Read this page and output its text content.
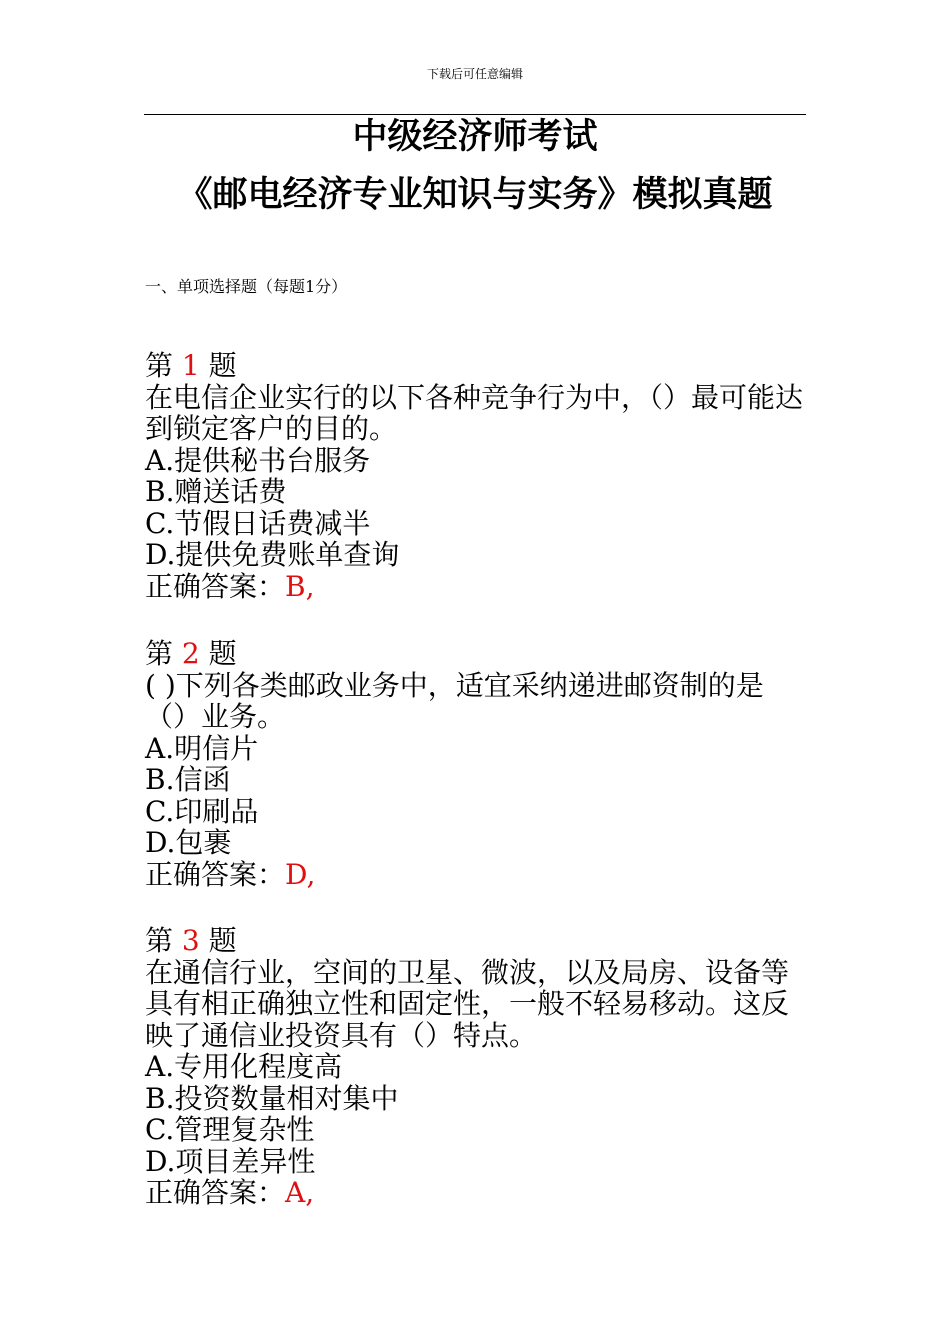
下载后可任意编辑
中级经济师考试
《邮电经济专业知识与实务》模拟真题
一、单项选择题（每题1分）
第 1 题
在电信企业实行的以下各种竞争行为中，（）最可能达到锁定客户的目的。
A.提供秘书台服务
B.赠送话费
C.节假日话费减半
D.提供免费账单查询
正确答案：B,
第 2 题
( )下列各类邮政业务中，适宜采纳递进邮资制的是（）业务。
A.明信片
B.信函
C.印刷品
D.包裹
正确答案：D,
第 3 题
在通信行业，空间的卫星、微波，以及局房、设备等具有相正确独立性和固定性，一般不轻易移动。这反映了通信业投资具有（）特点。
A.专用化程度高
B.投资数量相对集中
C.管理复杂性
D.项目差异性
正确答案：A,
